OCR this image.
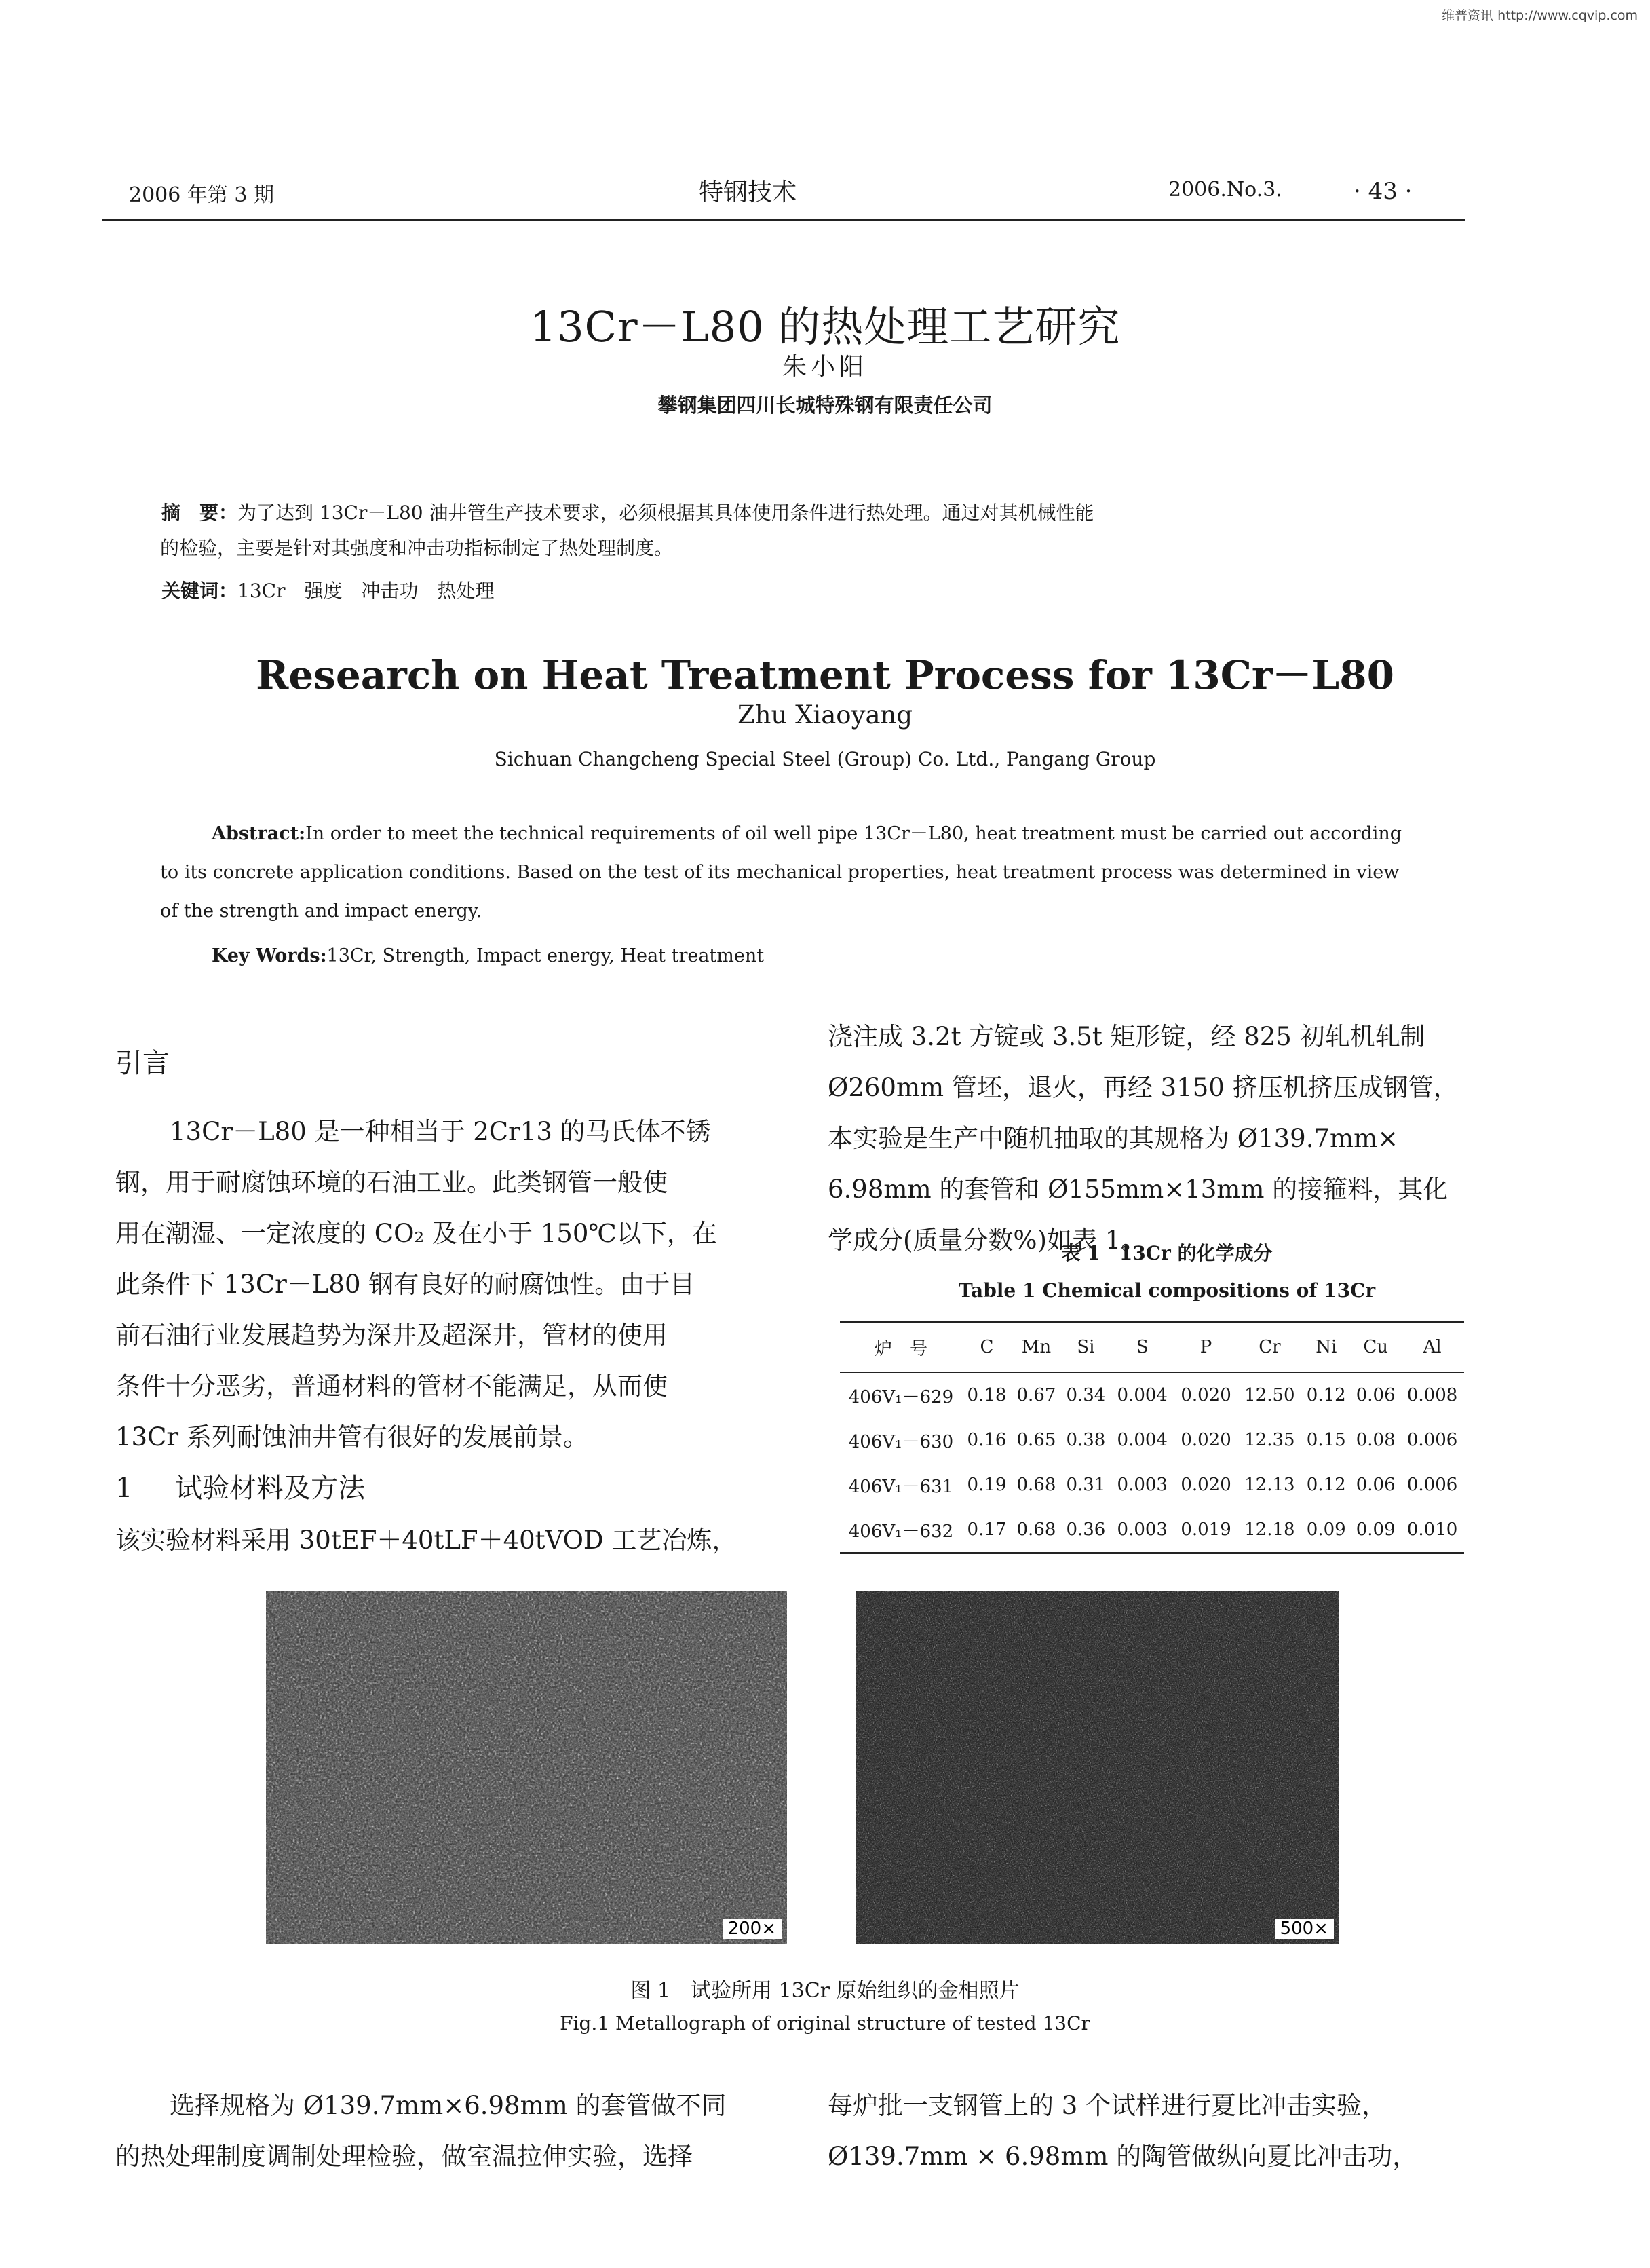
维普资讯 http://www.cqvip.com
2006 年第 3 期	特钢技术	2006.No.3.	· 43 ·
13Cr－L80 的热处理工艺研究
朱小阳
攀钢集团四川长城特殊钢有限责任公司
摘　要：为了达到 13Cr－L80 油井管生产技术要求，必须根据其具体使用条件进行热处理。通过对其机械性能
的检验，主要是针对其强度和冲击功指标制定了热处理制度。
关键词：13Cr　强度　冲击功　热处理
Research on Heat Treatment Process for 13Cr－L80
Zhu Xiaoyang
Sichuan Changcheng Special Steel (Group) Co. Ltd., Pangang Group
Abstract:In order to meet the technical requirements of oil well pipe 13Cr－L80, heat treatment must be carried out according
to its concrete application conditions. Based on the test of its mechanical properties, heat treatment process was determined in view
of the strength and impact energy.
Key Words:13Cr, Strength, Impact energy, Heat treatment
引言
13Cr－L80 是一种相当于 2Cr13 的马氏体不锈
钢，用于耐腐蚀环境的石油工业。此类钢管一般使
用在潮湿、一定浓度的 CO₂ 及在小于 150℃以下，在
此条件下 13Cr－L80 钢有良好的耐腐蚀性。由于目
前石油行业发展趋势为深井及超深井，管材的使用
条件十分恶劣，普通材料的管材不能满足，从而使
13Cr 系列耐蚀油井管有很好的发展前景。
1 试验材料及方法
该实验材料采用 30tEF＋40tLF＋40tVOD 工艺冶炼，
浇注成 3.2t 方锭或 3.5t 矩形锭，经 825 初轧机轧制
Ø260mm 管坯，退火，再经 3150 挤压机挤压成钢管，
本实验是生产中随机抽取的其规格为 Ø139.7mm×
6.98mm 的套管和 Ø155mm×13mm 的接箍料，其化
学成分(质量分数%)如表 1。
表 1　13Cr 的化学成分
Table 1 Chemical compositions of 13Cr
炉　号	C	Mn	Si	S	P	Cr	Ni	Cu	Al
406V₁－629	0.18	0.67	0.34	0.004	0.020	12.50	0.12	0.06	0.008
406V₁－630	0.16	0.65	0.38	0.004	0.020	12.35	0.15	0.08	0.006
406V₁－631	0.19	0.68	0.31	0.003	0.020	12.13	0.12	0.06	0.006
406V₁－632	0.17	0.68	0.36	0.003	0.019	12.18	0.09	0.09	0.010
200×	500×
图 1　试验所用 13Cr 原始组织的金相照片
Fig.1 Metallograph of original structure of tested 13Cr
选择规格为 Ø139.7mm×6.98mm 的套管做不同
的热处理制度调制处理检验，做室温拉伸实验，选择
每炉批一支钢管上的 3 个试样进行夏比冲击实验，
Ø139.7mm × 6.98mm 的陶管做纵向夏比冲击功，
